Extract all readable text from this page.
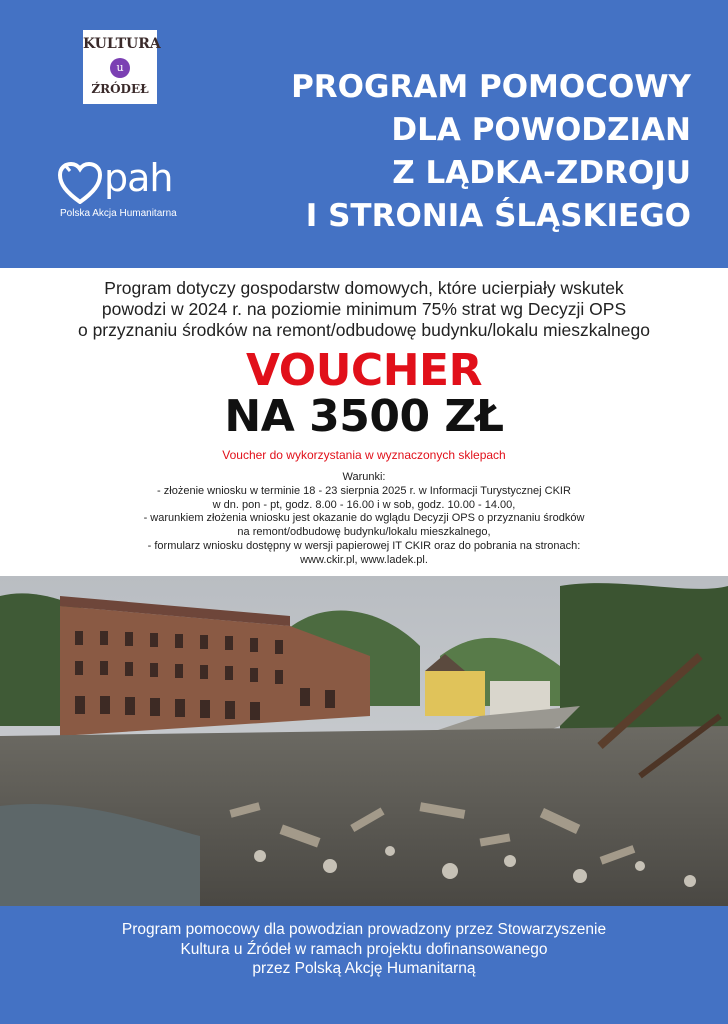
KULTURA
u
ŹRÓDEŁ
pah
Polska Akcja Humanitarna
PROGRAM POMOCOWY
DLA POWODZIAN
Z LĄDKA-ZDROJU
I STRONIA ŚLĄSKIEGO
Program dotyczy gospodarstw domowych, które ucierpiały wskutek
powodzi w 2024 r. na poziomie minimum 75% strat wg Decyzji OPS
o przyznaniu środków na remont/odbudowę budynku/lokalu mieszkalnego
VOUCHER
NA 3500 ZŁ
Voucher do wykorzystania w wyznaczonych sklepach
Warunki:
- złożenie wniosku w terminie 18 - 23 sierpnia 2025 r. w Informacji Turystycznej CKIR
w dn. pon - pt, godz. 8.00 - 16.00 i w sob, godz. 10.00 - 14.00,
- warunkiem złożenia wniosku jest okazanie do wglądu Decyzji OPS o przyznaniu środków
na remont/odbudowę budynku/lokalu mieszkalnego,
- formularz wniosku dostępny w wersji papierowej IT CKIR oraz do pobrania na stronach:
www.ckir.pl, www.ladek.pl.
Program pomocowy dla powodzian prowadzony przez Stowarzyszenie
Kultura u Źródeł w ramach projektu dofinansowanego
przez Polską Akcję Humanitarną
